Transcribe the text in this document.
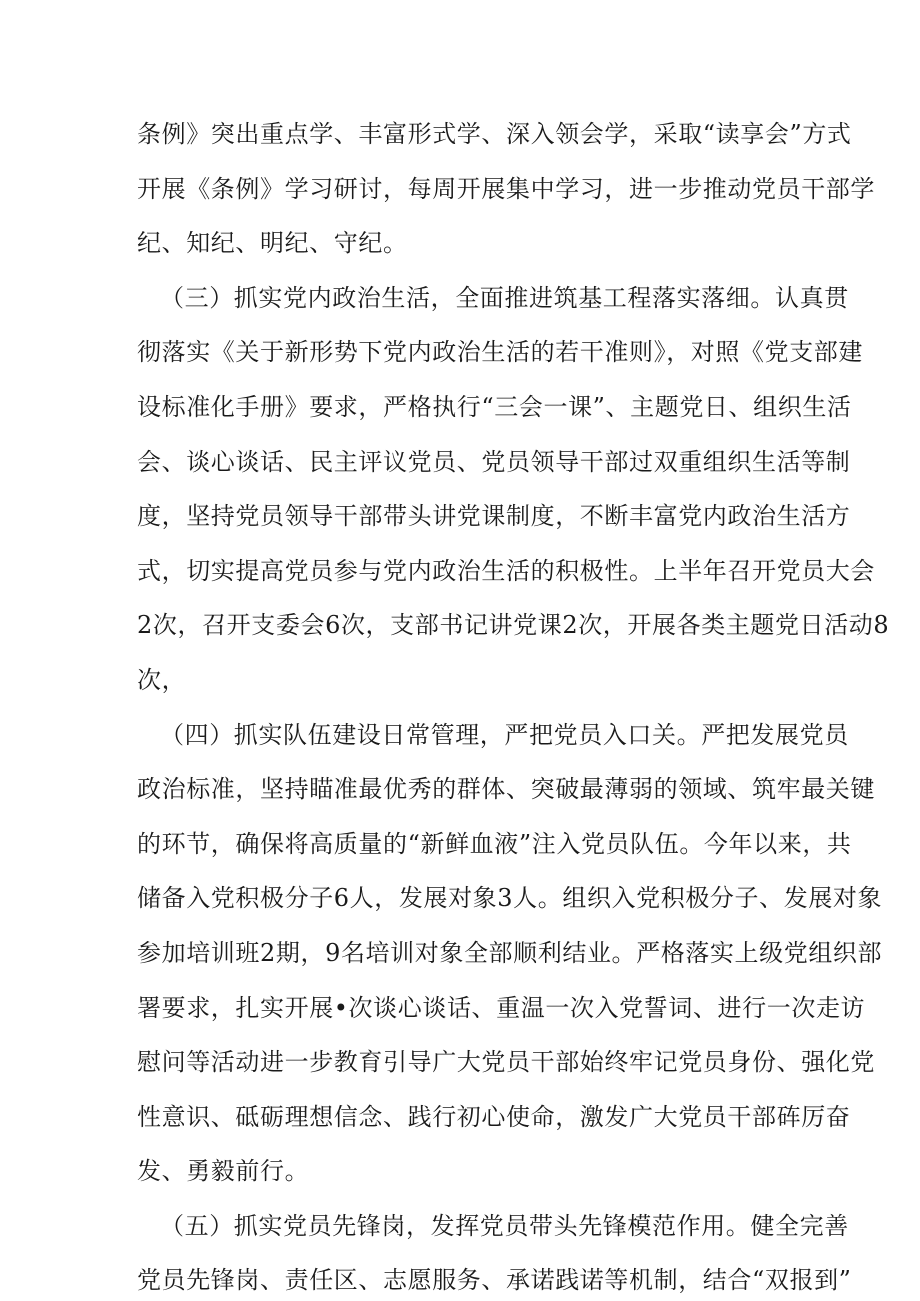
条例》突出重点学、丰富形式学、深入领会学，采取“读享会”方式
开展《条例》学习研讨，每周开展集中学习，进一步推动党员干部学
纪、知纪、明纪、守纪。
（三）抓实党内政治生活，全面推进筑基工程落实落细。认真贯
彻落实《关于新形势下党内政治生活的若干准则》，对照《党支部建
设标准化手册》要求，严格执行“三会一课”、主题党日、组织生活
会、谈心谈话、民主评议党员、党员领导干部过双重组织生活等制
度，坚持党员领导干部带头讲党课制度，不断丰富党内政治生活方
式，切实提高党员参与党内政治生活的积极性。上半年召开党员大会
2次，召开支委会6次，支部书记讲党课2次，开展各类主题党日活动8
次，
（四）抓实队伍建设日常管理，严把党员入口关。严把发展党员
政治标准，坚持瞄准最优秀的群体、突破最薄弱的领域、筑牢最关键
的环节，确保将高质量的“新鲜血液”注入党员队伍。今年以来，共
储备入党积极分子6人，发展对象3人。组织入党积极分子、发展对象
参加培训班2期，9名培训对象全部顺利结业。严格落实上级党组织部
署要求，扎实开展•次谈心谈话、重温一次入党誓词、进行一次走访
慰问等活动进一步教育引导广大党员干部始终牢记党员身份、强化党
性意识、砥砺理想信念、践行初心使命，激发广大党员干部砗厉奋
发、勇毅前行。
（五）抓实党员先锋岗，发挥党员带头先锋模范作用。健全完善
党员先锋岗、责任区、志愿服务、承诺践诺等机制，结合“双报到”
